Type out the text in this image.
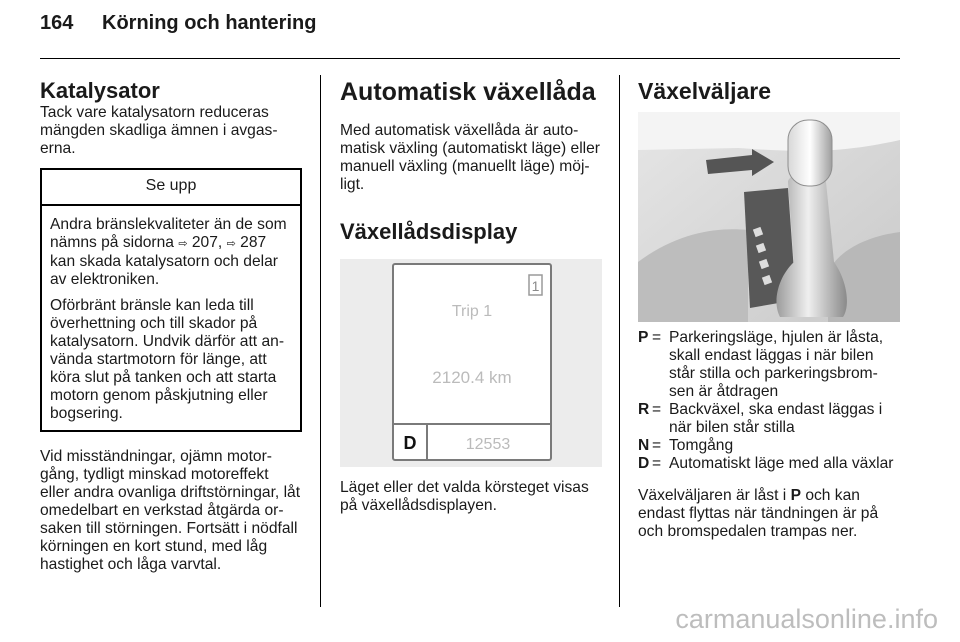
164 Körning och hantering
Katalysator

Tack vare katalysatorn reduceras mängden skadliga ämnen i avgas-erna.

Se upp

Andra bränslekvaliteter än de som nämns på sidorna ⇨ 207, ⇨ 287 kan skada katalysatorn och delar av elektroniken.

Oförbränt bränsle kan leda till överhettning och till skador på katalysatorn. Undvik därför att an-vända startmotorn för länge, att köra slut på tanken och att starta motorn genom påskjutning eller bogsering.

Vid misständningar, ojämn motor-gång, tydligt minskad motoreffekt eller andra ovanliga driftstörningar, låt omedelbart en verkstad åtgärda or-saken till störningen. Fortsätt i nödfall körningen en kort stund, med låg hastighet och låga varvtal.

Automatisk växellåda

Med automatisk växellåda är auto-matisk växling (automatiskt läge) eller manuell växling (manuellt läge) möj-ligt.

Växellådsdisplay
1
Trip 1
2120.4 km
D	12553

Läget eller det valda körsteget visas på växellådsdisplayen.

Växelväljare
P = Parkeringsläge, hjulen är låsta, skall endast läggas i när bilen står stilla och parkeringsbrom-sen är åtdragen
R = Backväxel, ska endast läggas i när bilen står stilla
N = Tomgång
D = Automatiskt läge med alla växlar

Växelväljaren är låst i P och kan endast flyttas när tändningen är på och bromspedalen trampas ner.

carmanualsonline.info
